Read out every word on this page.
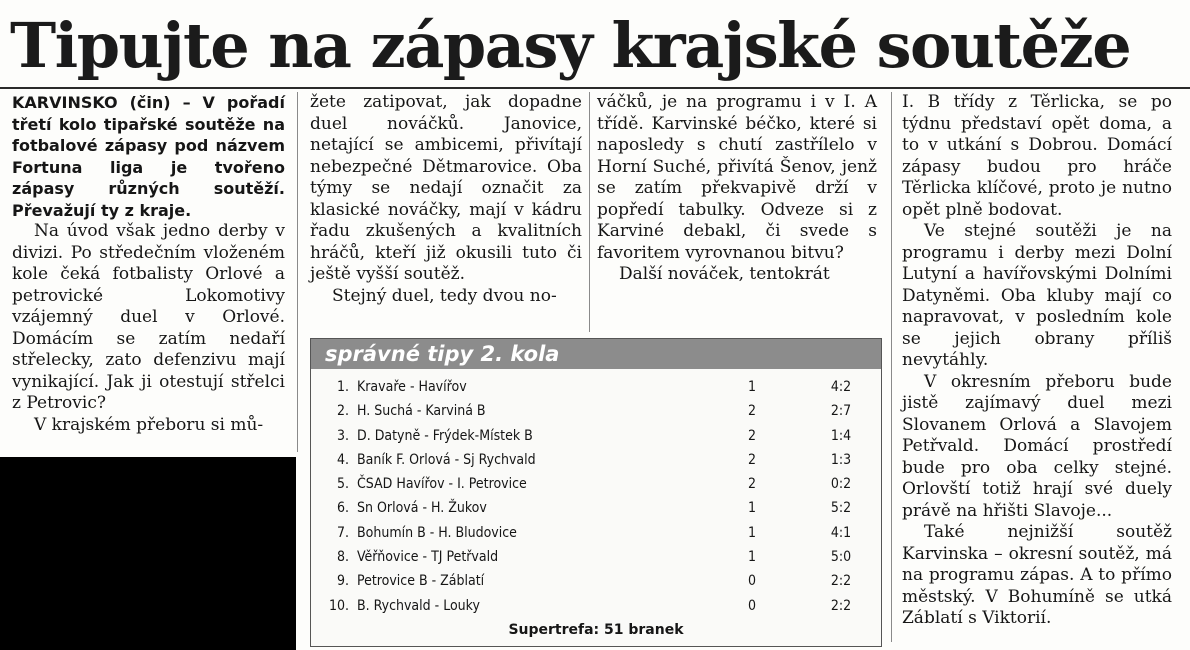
Tipujte na zápasy krajské soutěže

KARVINSKO (čin) – V pořadí třetí kolo tipařské soutěže na fotbalové zápasy pod názvem Fortuna liga je tvořeno zápasy různých soutěží. Převažují ty z kraje.

Na úvod však jedno derby v divizi. Po středečním vloženém kole čeká fotbalisty Orlové a petrovické Lokomotivy vzájemný duel v Orlové. Domácím se zatím nedaří střelecky, zato defenzivu mají vynikající. Jak ji otestují střelci z Petrovic?

V krajském přeboru si mů-

žete zatipovat, jak dopadne duel nováčků. Janovice, netající se ambicemi, přivítají nebezpečné Dětmarovice. Oba týmy se nedají označit za klasické nováčky, mají v kádru řadu zkušených a kvalitních hráčů, kteří již okusili tuto či ještě vyšší soutěž.

Stejný duel, tedy dvou no-

váčků, je na programu i v I. A třídě. Karvinské béčko, které si naposledy s chutí zastřílelo v Horní Suché, přivítá Šenov, jenž se zatím překvapivě drží v popředí tabulky. Odveze si z Karviné debakl, či svede s favoritem vyrovnanou bitvu?

Další nováček, tentokrát

I. B třídy z Těrlicka, se po týdnu představí opět doma, a to v utkání s Dobrou. Domácí zápasy budou pro hráče Těrlicka klíčové, proto je nutno opět plně bodovat.

Ve stejné soutěži je na programu i derby mezi Dolní Lutyní a havířovskými Dolními Datyněmi. Oba kluby mají co napravovat, v posledním kole se jejich obrany příliš nevytáhly.

V okresním přeboru bude jistě zajímavý duel mezi Slovanem Orlová a Slavojem Petřvald. Domácí prostředí bude pro oba celky stejné. Orlovští totiž hrají své duely právě na hřišti Slavoje...

Také nejnižší soutěž Karvinska – okresní soutěž, má na programu zápas. A to přímo městský. V Bohumíně se utká Záblatí s Viktorií.

správné tipy 2. kola
1. Kravaře - Havířov	1	4:2
2. H. Suchá - Karviná B	2	2:7
3. D. Datyně - Frýdek-Místek B	2	1:4
4. Baník F. Orlová - Sj Rychvald	2	1:3
5. ČSAD Havířov - I. Petrovice	2	0:2
6. Sn Orlová - H. Žukov	1	5:2
7. Bohumín B - H. Bludovice	1	4:1
8. Věřňovice - TJ Petřvald	1	5:0
9. Petrovice B - Záblatí	0	2:2
10. B. Rychvald - Louky	0	2:2
Supertrefa: 51 branek
